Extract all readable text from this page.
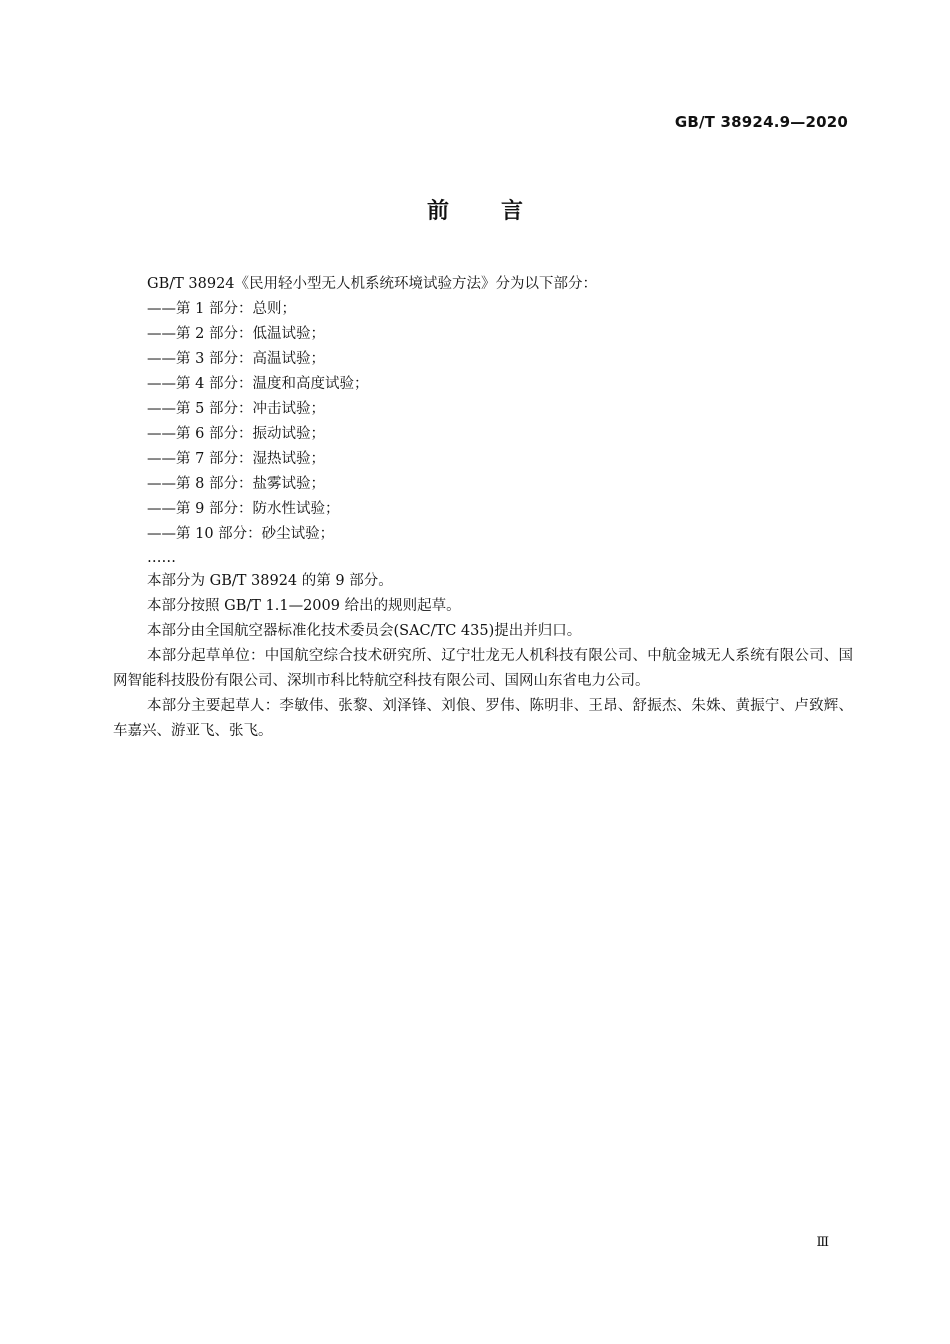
GB/T 38924.9—2020
前 言

GB/T 38924《民用轻小型无人机系统环境试验方法》分为以下部分：

——第 1 部分：总则；

——第 2 部分：低温试验；

——第 3 部分：高温试验；

——第 4 部分：温度和高度试验；

——第 5 部分：冲击试验；

——第 6 部分：振动试验；

——第 7 部分：湿热试验；

——第 8 部分：盐雾试验；

——第 9 部分：防水性试验；

——第 10 部分：砂尘试验；

……

本部分为 GB/T 38924 的第 9 部分。

本部分按照 GB/T 1.1—2009 给出的规则起草。

本部分由全国航空器标准化技术委员会(SAC/TC 435)提出并归口。

本部分起草单位：中国航空综合技术研究所、辽宁壮龙无人机科技有限公司、中航金城无人系统有限公司、国网智能科技股份有限公司、深圳市科比特航空科技有限公司、国网山东省电力公司。

本部分主要起草人：李敏伟、张黎、刘泽锋、刘俍、罗伟、陈明非、王昂、舒振杰、朱姝、黄振宁、卢致辉、车嘉兴、游亚飞、张飞。

Ⅲ
